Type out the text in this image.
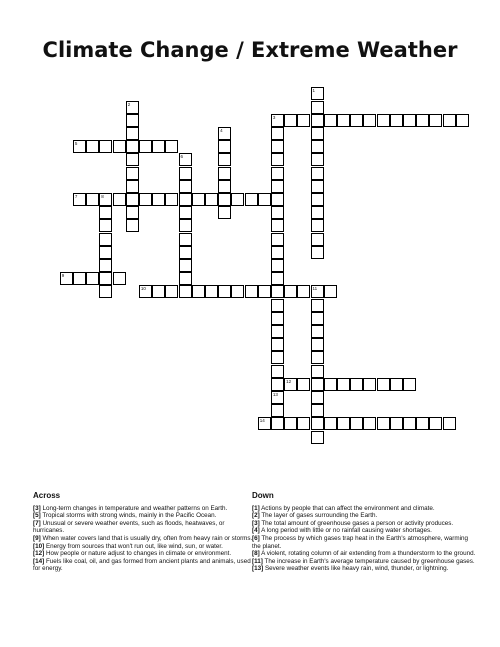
Climate Change / Extreme Weather
1
2
3
13
4
5
6
7	8
9
10	11
12
14
Across

[3] Long-term changes in temperature and weather patterns on Earth.

[5] Tropical storms with strong winds, mainly in the Pacific Ocean.

[7] Unusual or severe weather events, such as floods, heatwaves, or hurricanes.

[9] When water covers land that is usually dry, often from heavy rain or storms.

[10] Energy from sources that won't run out, like wind, sun, or water.

[12] How people or nature adjust to changes in climate or environment.

[14] Fuels like coal, oil, and gas formed from ancient plants and animals, used for energy.

Down

[1] Actions by people that can affect the environment and climate.

[2] The layer of gases surrounding the Earth.

[3] The total amount of greenhouse gases a person or activity produces.

[4] A long period with little or no rainfall causing water shortages.

[6] The process by which gases trap heat in the Earth's atmosphere, warming the planet.

[8] A violent, rotating column of air extending from a thunderstorm to the ground.

[11] The increase in Earth's average temperature caused by greenhouse gases.

[13] Severe weather events like heavy rain, wind, thunder, or lightning.
